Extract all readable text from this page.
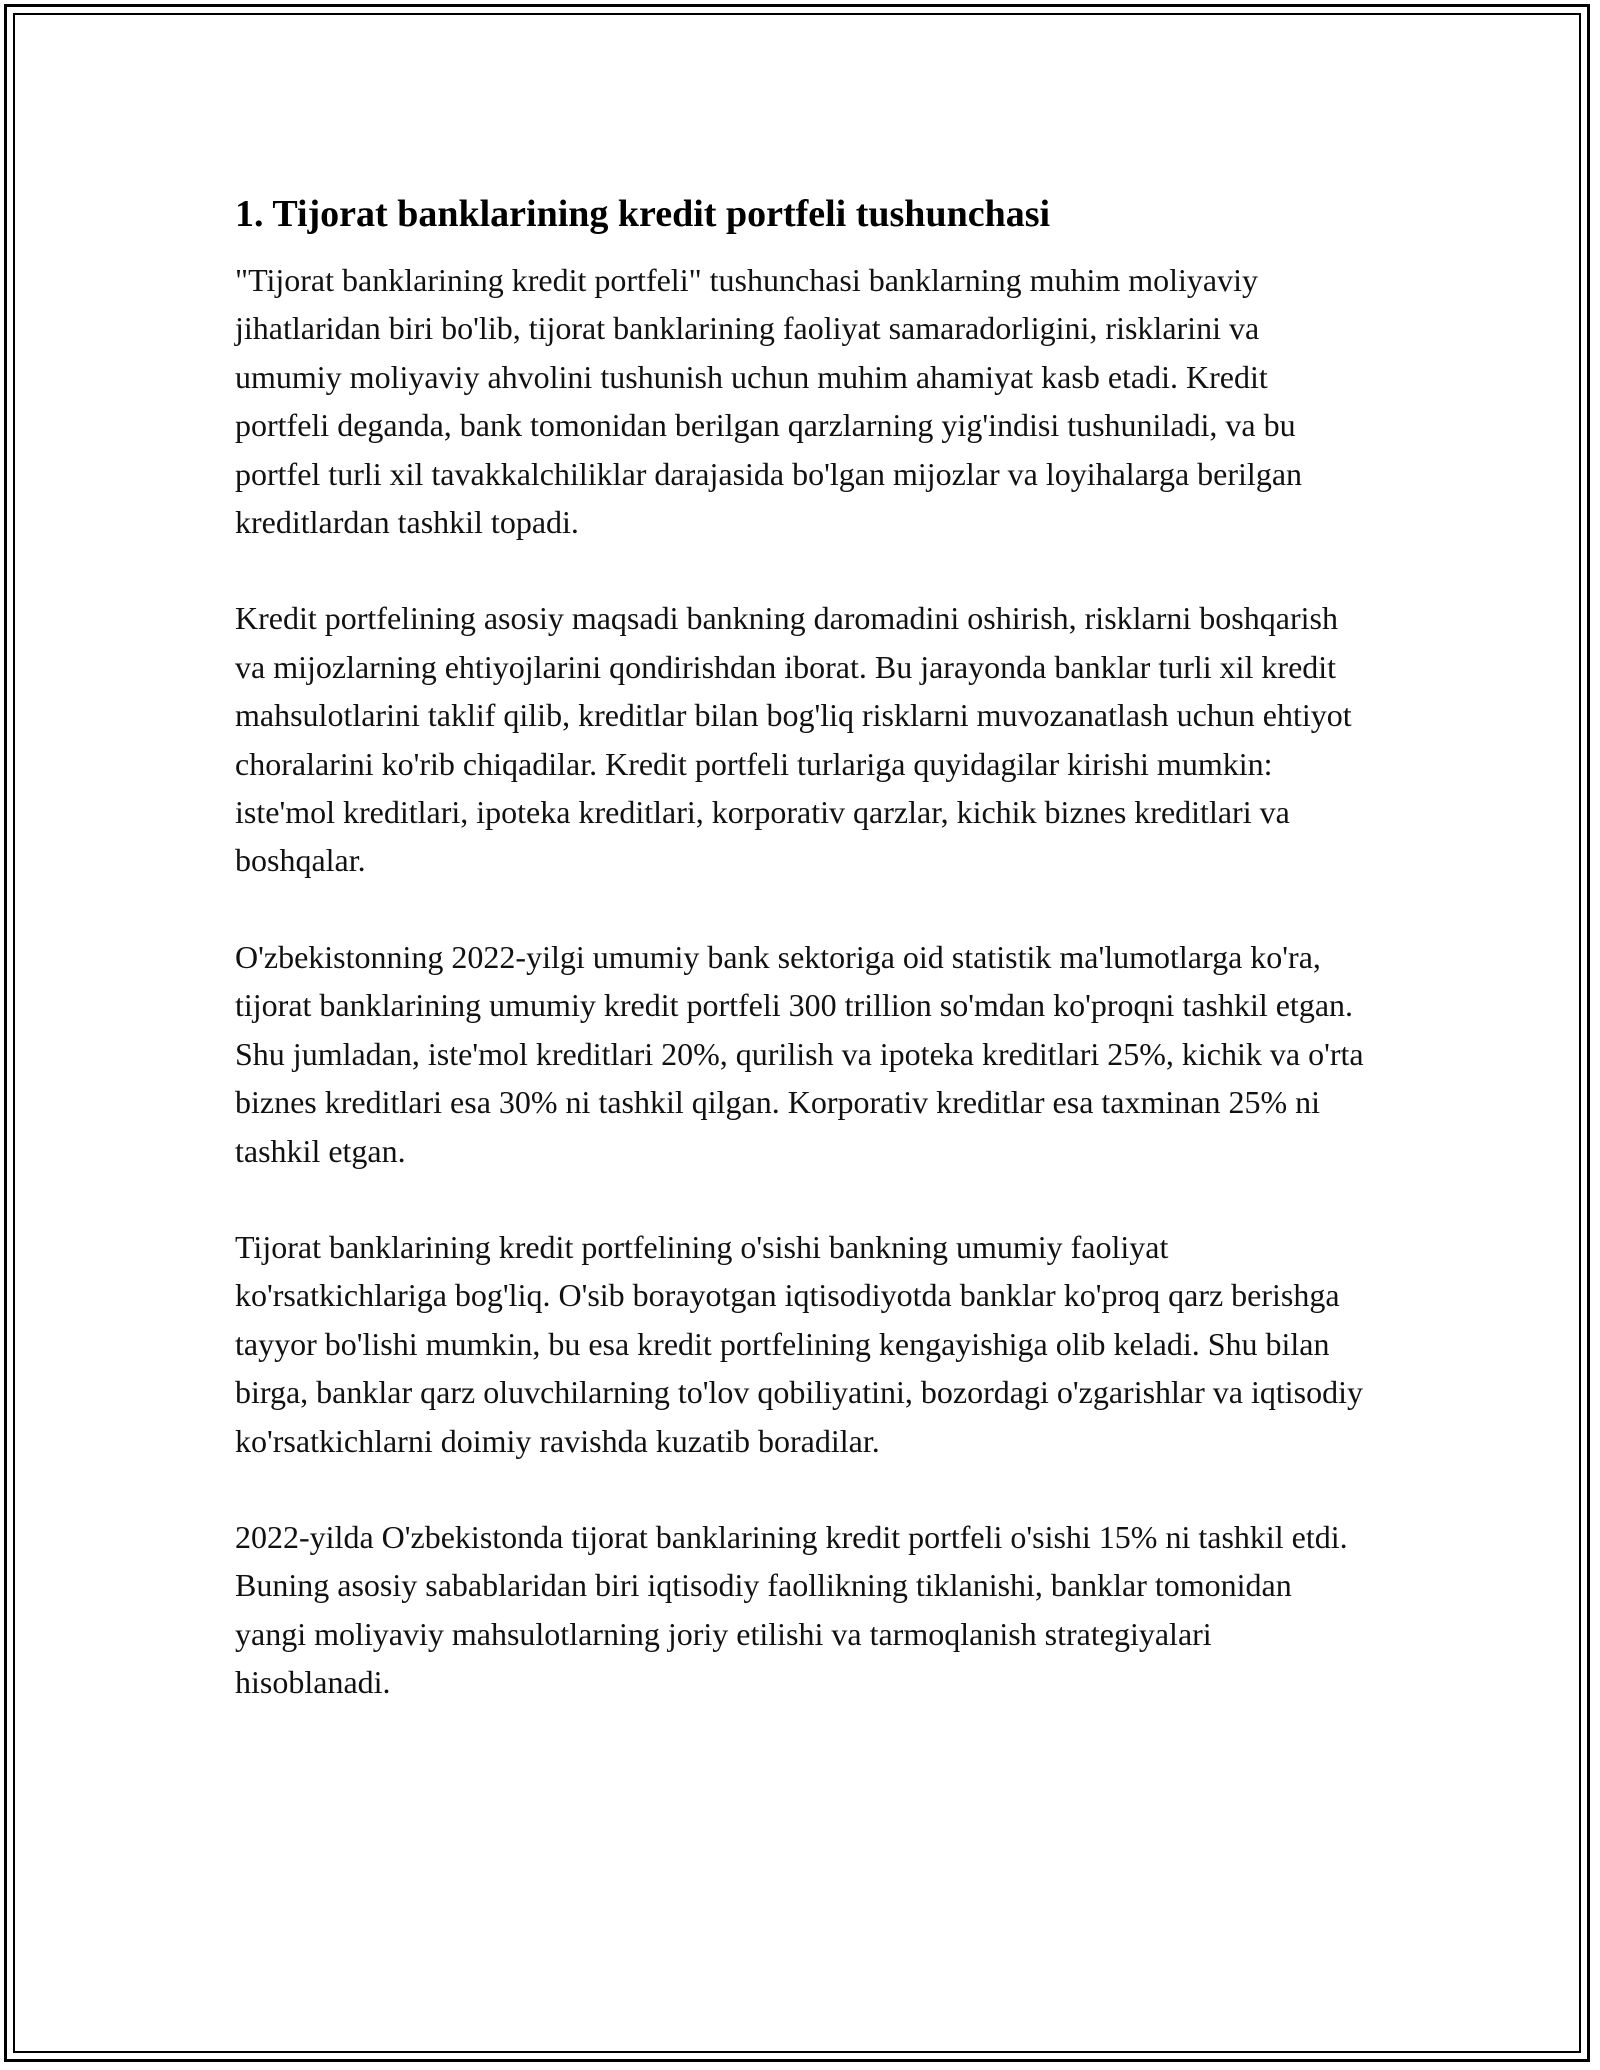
1. Tijorat banklarining kredit portfeli tushunchasi

"Tijorat banklarining kredit portfeli" tushunchasi banklarning muhim moliyaviy jihatlaridan biri bo'lib, tijorat banklarining faoliyat samaradorligini, risklarini va umumiy moliyaviy ahvolini tushunish uchun muhim ahamiyat kasb etadi. Kredit portfeli deganda, bank tomonidan berilgan qarzlarning yig'indisi tushuniladi, va bu portfel turli xil tavakkalchiliklar darajasida bo'lgan mijozlar va loyihalarga berilgan kreditlardan tashkil topadi.

Kredit portfelining asosiy maqsadi bankning daromadini oshirish, risklarni boshqarish va mijozlarning ehtiyojlarini qondirishdan iborat. Bu jarayonda banklar turli xil kredit mahsulotlarini taklif qilib, kreditlar bilan bog'liq risklarni muvozanatlash uchun ehtiyot choralarini ko'rib chiqadilar. Kredit portfeli turlariga quyidagilar kirishi mumkin: iste'mol kreditlari, ipoteka kreditlari, korporativ qarzlar, kichik biznes kreditlari va boshqalar.

O'zbekistonning 2022-yilgi umumiy bank sektoriga oid statistik ma'lumotlarga ko'ra, tijorat banklarining umumiy kredit portfeli 300 trillion so'mdan ko'proqni tashkil etgan. Shu jumladan, iste'mol kreditlari 20%, qurilish va ipoteka kreditlari 25%, kichik va o'rta biznes kreditlari esa 30% ni tashkil qilgan. Korporativ kreditlar esa taxminan 25% ni tashkil etgan.

Tijorat banklarining kredit portfelining o'sishi bankning umumiy faoliyat ko'rsatkichlariga bog'liq. O'sib borayotgan iqtisodiyotda banklar ko'proq qarz berishga tayyor bo'lishi mumkin, bu esa kredit portfelining kengayishiga olib keladi. Shu bilan birga, banklar qarz oluvchilarning to'lov qobiliyatini, bozordagi o'zgarishlar va iqtisodiy ko'rsatkichlarni doimiy ravishda kuzatib boradilar.

2022-yilda O'zbekistonda tijorat banklarining kredit portfeli o'sishi 15% ni tashkil etdi. Buning asosiy sabablaridan biri iqtisodiy faollikning tiklanishi, banklar tomonidan yangi moliyaviy mahsulotlarning joriy etilishi va tarmoqlanish strategiyalari hisoblanadi.
